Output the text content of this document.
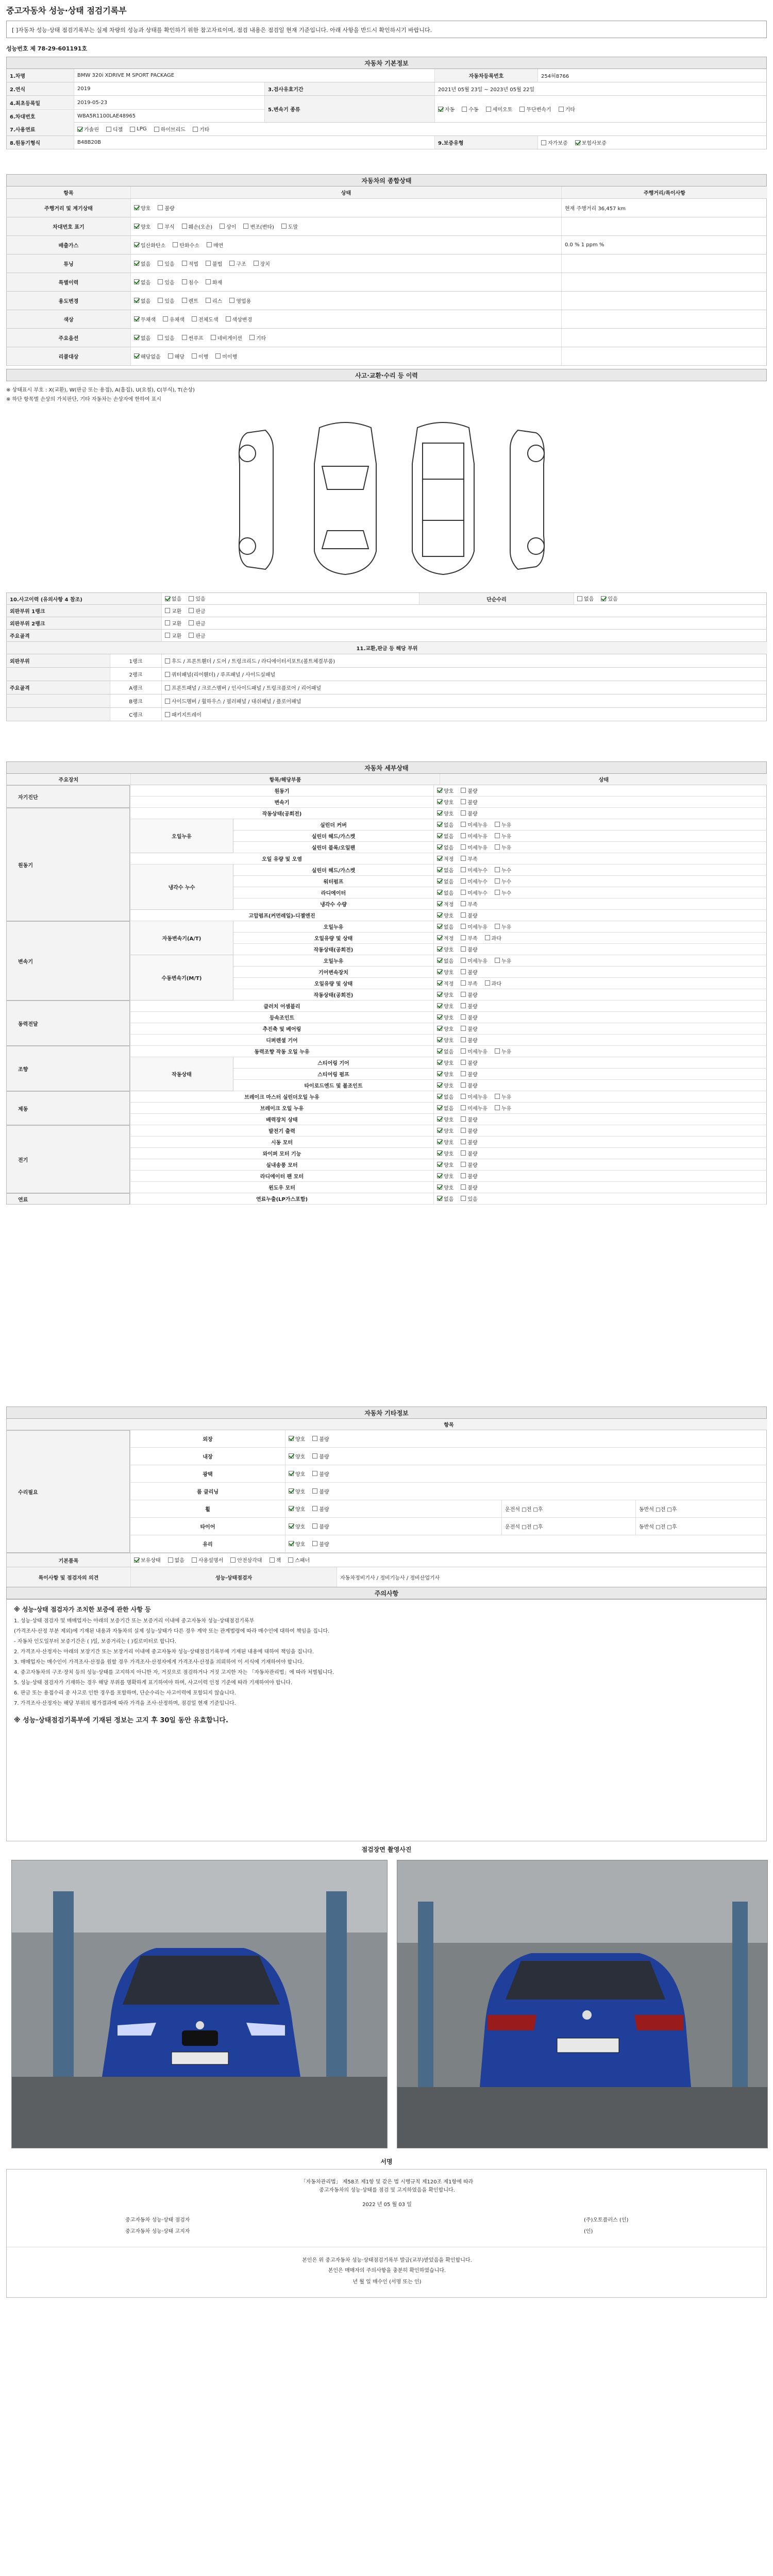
중고자동차 성능·상태 점검기록부
[ ]자동차 성능·상태 점검기록부는 실제 차량의 성능과 상태를 확인하기 위한 참고자료이며, 점검 내용은 점검일 현재 기준입니다. 아래 사항을 반드시 확인하시기 바랍니다.
성능번호 제 78-29-601191호
자동차 기본정보
1.차명	BMW 320i XDRIVE M SPORT PACKAGE	자동차등록번호	254허8766
2.연식	2019	3.검사유효기간	2021년 05월 23일 ~ 2023년 05월 22일
4.최초등록일	2019-05-23
6.차대번호	WBA5R1100LAE48965
5.변속기 종류	자동	수동	세미오토	무단변속기	기타
7.사용연료	가솔린	디젤	LPG	하이브리드	기타
8.원동기형식	B48B20B	9.보증유형	자가보증	보험사보증
자동차의 종합상태
항목	상태	주행거리/특이사항
주행거리 및 계기상태	양호	불량	현재 주행거리 36,457 km
차대번호 표기	양호	부식	훼손(오손)	상이	변조(변타)	도말
배출가스	일산화탄소	탄화수소	매연	0.0 % 1 ppm %
튜닝	없음	있음	적법	불법	구조	장치
특별이력	없음	있음	침수	화재
용도변경	없음	있음	렌트	리스	영업용
색상	무채색	유채색	전체도색	색상변경
주요옵션	없음	있음	썬루프	네비게이션	기타
리콜대상	해당없음	해당	이행	미이행
사고·교환·수리 등 이력
※ 상태표시 부호 : X(교환), W(판금 또는 용접), A(흠집), U(요철), C(부식), T(손상)
※ 하단 항목별 손상의 가치판단, 기타 자동차는 손상자에 한하여 표시
10.사고이력 (유의사항 4 참조)	없음	있음	단순수리	없음	있음
외판부위 1랭크	교환	판금
외판부위 2랭크	교환	판금
주요골격	교환	판금
11.교환,판금 등 해당 부위
외판부위	1랭크	후드 / 프론트휀더 / 도어 / 트렁크리드 / 라디에이터서포트(볼트체결부품)
2랭크	쿼터패널(리어휀더) / 루프패널 / 사이드실패널
주요골격	A랭크	프론트패널 / 크로스멤버 / 인사이드패널 / 트렁크플로어 / 리어패널
B랭크	사이드멤버 / 휠하우스 / 필러패널 / 대쉬패널 / 플로어패널
C랭크	패키지트레이
자동차 세부상태
주요장치	항목/해당부품	상태
자기진단
원동기	양호	불량
변속기	양호	불량
원동기
작동상태(공회전)	양호	불량
오일누유
실린더 커버	없음	미세누유	누유
실린더 헤드/가스켓	없음	미세누유	누유
실린더 블록/오일팬	없음	미세누유	누유
오일 유량 및 오염	적정	부족
냉각수 누수
실린더 헤드/가스켓	없음	미세누수	누수
워터펌프	없음	미세누수	누수
라디에이터	없음	미세누수	누수
냉각수 수량	적정	부족
고압펌프(커먼레일)-디젤엔진	양호	불량
변속기
자동변속기(A/T)
오일누유	없음	미세누유	누유
오일유량 및 상태	적정	부족	과다
작동상태(공회전)	양호	불량
수동변속기(M/T)
오일누유	없음	미세누유	누유
기어변속장치	양호	불량
오일유량 및 상태	적정	부족	과다
작동상태(공회전)	양호	불량
동력전달
클러치 어셈블리	양호	불량
등속조인트	양호	불량
추진축 및 베어링	양호	불량
디퍼렌셜 기어	양호	불량
조향
동력조향 작동 오일 누유	없음	미세누유	누유
작동상태
스티어링 기어	양호	불량
스티어링 펌프	양호	불량
타이로드엔드 및 볼조인트	양호	불량
제동
브레이크 마스터 실린더오일 누유	없음	미세누유	누유
브레이크 오일 누유	없음	미세누유	누유
배력장치 상태	양호	불량
전기
발전기 출력	양호	불량
시동 모터	양호	불량
와이퍼 모터 기능	양호	불량
실내송풍 모터	양호	불량
라디에이터 팬 모터	양호	불량
윈도우 모터	양호	불량
연료	연료누출(LP가스포함)	없음	있음
자동차 기타정보
항목
수리필요
외장	양호	불량
내장	양호	불량
광택	양호	불량
룸 클리닝	양호	불량
휠	양호	불량	운전석 □전 □후	동반석 □전 □후
타이어	양호	불량	운전석 □전 □후	동반석 □전 □후
유리	양호	불량
기본품목	보유상태	없음	사용설명서	안전삼각대	잭	스패너
특이사항 및 점검자의 의견	성능·상태점검자	자동차정비기사 / 정비기능사 / 정비산업기사
주의사항
※ 성능·상태 점검자가 조치한 보증에 관한 사항 등
1. 성능·상태 점검자 및 매매업자는 아래의 보증기간 또는 보증거리 이내에 중고자동차 성능·상태점검기록부
(가격조사·산정 부분 제외)에 기재된 내용과 자동차의 실제 성능·상태가 다른 경우 계약 또는 관계법령에 따라 매수인에 대하여 책임을 집니다.
- 자동차 인도일부터 보증기간은 ( )일, 보증거리는 ( )킬로미터로 합니다.
2. 가격조사·산정자는 아래의 보장기간 또는 보장거리 이내에 중고자동차 성능·상태점검기록부에 기재된 내용에 대하여 책임을 집니다.
3. 매매업자는 매수인이 가격조사·산정을 원할 경우 가격조사·산정자에게 가격조사·산정을 의뢰하여 이 서식에 기재하여야 합니다.
4. 중고자동차의 구조·장치 등의 성능·상태를 고지하지 아니한 자, 거짓으로 점검하거나 거짓 고지한 자는 「자동차관리법」에 따라 처벌됩니다.
5. 성능·상태 점검자가 기재하는 경우 해당 부위를 명확하게 표기하여야 하며, 사고이력 인정 기준에 따라 기재하여야 합니다.
6. 판금 또는 용접수리 중 사고로 인한 경우를 포함하며, 단순수리는 사고이력에 포함되지 않습니다.
7. 가격조사·산정자는 해당 부위의 평가결과에 따라 가격을 조사·산정하며, 점검일 현재 기준입니다.
※ 성능·상태점검기록부에 기재된 정보는 고지 후 30일 동안 유효합니다.
점검장면 촬영사진
서명
「자동차관리법」 제58조 제1항 및 같은 법 시행규칙 제120조 제1항에 따라
중고자동차의 성능·상태를 점검 및 고지하였음을 확인합니다.
2022 년 05 월 03 일
중고자동차 성능·상태 점검자	(주)오토플러스 (인)
중고자동차 성능·상태 고지자	(인)
본인은 위 중고자동차 성능·상태점검기록부 발급(교부)받았음을 확인합니다.
본인은 매매자의 주의사항을 충분히 확인하였습니다.
년 월 일 매수인 (서명 또는 인)
